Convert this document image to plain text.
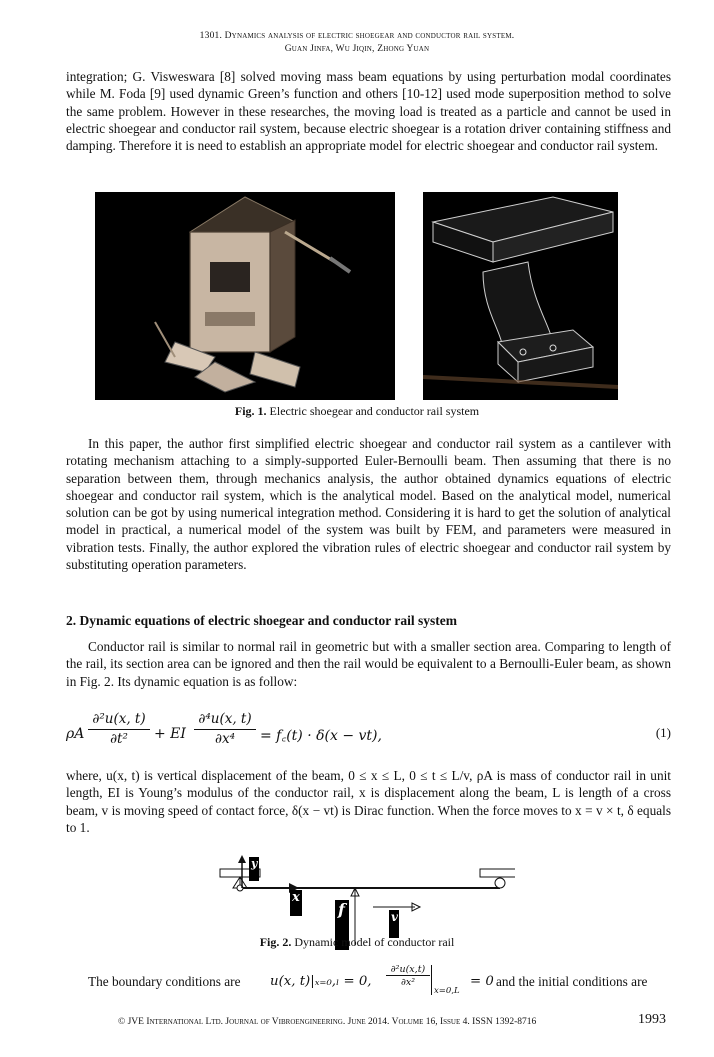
1301. Dynamics analysis of electric shoegear and conductor rail system.
Guan Jinfa, Wu Jiqin, Zhong Yuan
integration; G. Visweswara [8] solved moving mass beam equations by using perturbation modal coordinates while M. Foda [9] used dynamic Green’s function and others [10-12] used mode superposition method to solve the same problem. However in these researches, the moving load is treated as a particle and cannot be used in electric shoegear and conductor rail system, because electric shoegear is a rotation driver containing stiffness and damping. Therefore it is need to establish an appropriate model for electric shoegear and conductor rail system.
Fig. 1. Electric shoegear and conductor rail system
In this paper, the author first simplified electric shoegear and conductor rail system as a cantilever with rotating mechanism attaching to a simply-supported Euler-Bernoulli beam. Then assuming that there is no separation between them, through mechanics analysis, the author obtained dynamics equations of electric shoegear and conductor rail system, which is the analytical model. Based on the analytical model, numerical solution can be got by using numerical integration method. Considering it is hard to get the solution of analytical model in practical, a numerical model of the system was built by FEM, and parameters were measured in vibration tests. Finally, the author explored the vibration rules of electric shoegear and conductor rail system by substituting operation parameters.
2. Dynamic equations of electric shoegear and conductor rail system
Conductor rail is similar to normal rail in geometric but with a smaller section area. Comparing to length of the rail, its section area can be ignored and then the rail would be equivalent to a Bernoulli-Euler beam, as shown in Fig. 2. Its dynamic equation is as follow:
ρA $\frac{\text{∂²u(x, t)}}{\text{∂t²}}$ + EI $\frac{\text{∂⁴u(x, t)}}{\text{∂x⁴}}$ = f꜀(t) · δ(x − vt),	(1)
where, u(x, t) is vertical displacement of the beam, 0 ≤ x ≤ L, 0 ≤ t ≤ L/v, ρA is mass of conductor rail in unit length, EI is Young’s modulus of the conductor rail, x is displacement along the beam, L is length of a cross beam, v is moving speed of contact force, δ(x − vt) is Dirac function. When the force moves to x = v × t, δ equals to 1.
y
x
f	v
Fig. 2. Dynamic model of conductor rail
The boundary conditions are u(x, t)|ₓ₌₀,ₗ = 0, $\frac{\text{∂²u(x,t)}}{\text{∂x²}}$
x=0,L
= 0 and the initial conditions are
© JVE International Ltd. Journal of Vibroengineering. June 2014. Volume 16, Issue 4. ISSN 1392-8716	1993
